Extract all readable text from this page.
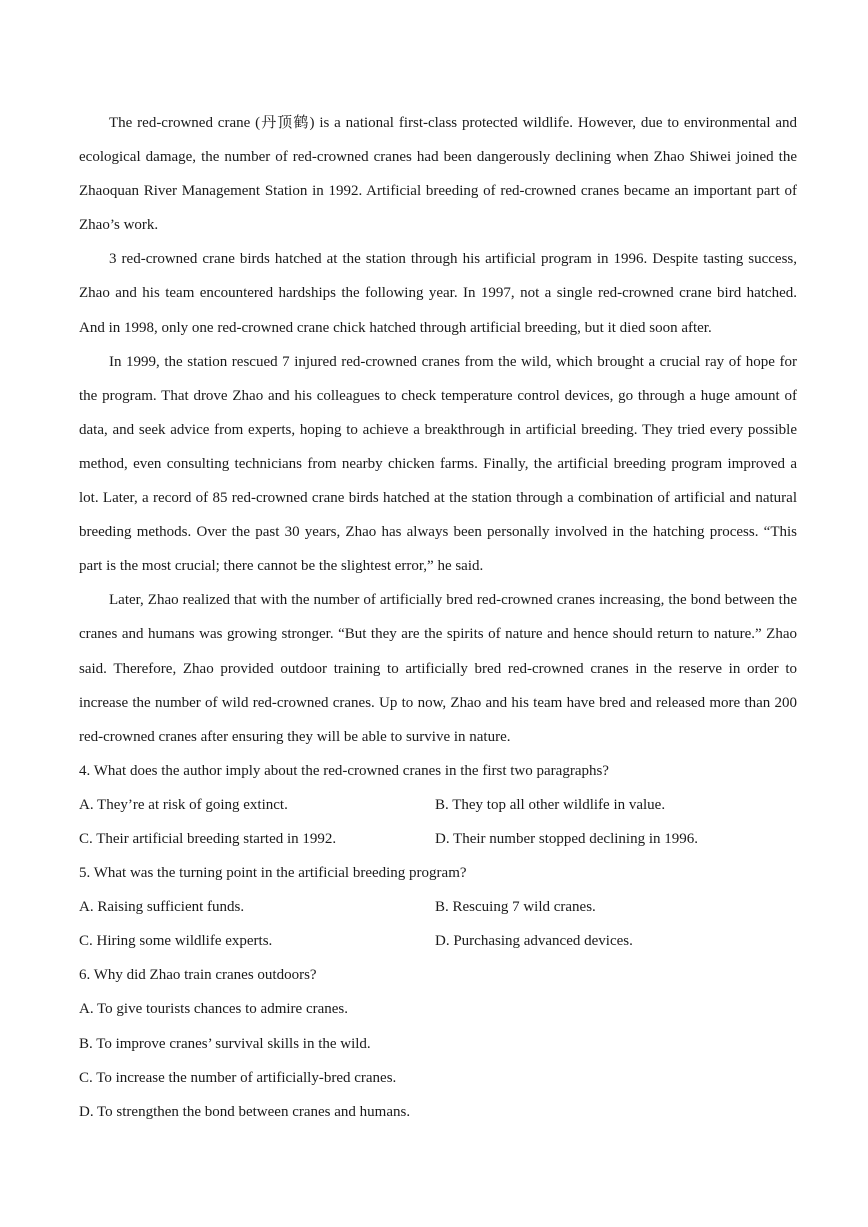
The red-crowned crane (丹顶鹤) is a national first-class protected wildlife. However, due to environmental and ecological damage, the number of red-crowned cranes had been dangerously declining when Zhao Shiwei joined the Zhaoquan River Management Station in 1992. Artificial breeding of red-crowned cranes became an important part of Zhao’s work.

3 red-crowned crane birds hatched at the station through his artificial program in 1996. Despite tasting success, Zhao and his team encountered hardships the following year. In 1997, not a single red-crowned crane bird hatched. And in 1998, only one red-crowned crane chick hatched through artificial breeding, but it died soon after.

In 1999, the station rescued 7 injured red-crowned cranes from the wild, which brought a crucial ray of hope for the program. That drove Zhao and his colleagues to check temperature control devices, go through a huge amount of data, and seek advice from experts, hoping to achieve a breakthrough in artificial breeding. They tried every possible method, even consulting technicians from nearby chicken farms. Finally, the artificial breeding program improved a lot. Later, a record of 85 red-crowned crane birds hatched at the station through a combination of artificial and natural breeding methods. Over the past 30 years, Zhao has always been personally involved in the hatching process. “This part is the most crucial; there cannot be the slightest error,” he said.

Later, Zhao realized that with the number of artificially bred red-crowned cranes increasing, the bond between the cranes and humans was growing stronger. “But they are the spirits of nature and hence should return to nature.” Zhao said. Therefore, Zhao provided outdoor training to artificially bred red-crowned cranes in the reserve in order to increase the number of wild red-crowned cranes. Up to now, Zhao and his team have bred and released more than 200 red-crowned cranes after ensuring they will be able to survive in nature.

4. What does the author imply about the red-crowned cranes in the first two paragraphs?
A. They’re at risk of going extinct.	B. They top all other wildlife in value.
C. Their artificial breeding started in 1992.	D. Their number stopped declining in 1996.
5. What was the turning point in the artificial breeding program?
A. Raising sufficient funds.	B. Rescuing 7 wild cranes.
C. Hiring some wildlife experts.	D. Purchasing advanced devices.
6. Why did Zhao train cranes outdoors?
A. To give tourists chances to admire cranes.
B. To improve cranes’ survival skills in the wild.
C. To increase the number of artificially-bred cranes.
D. To strengthen the bond between cranes and humans.
